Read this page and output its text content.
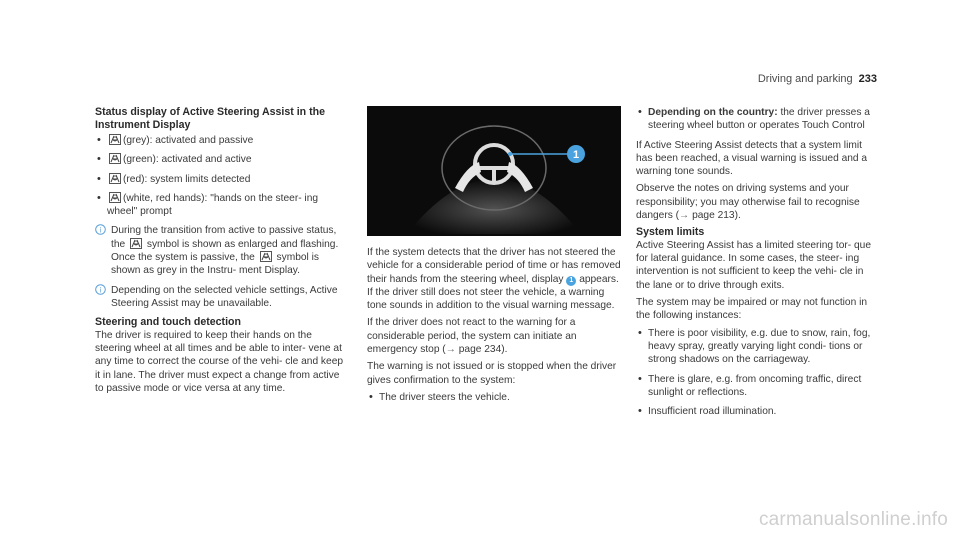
Driving and parking 233
Status display of Active Steering Assist in the
Instrument Display
• (grey): activated and passive
• (green): activated and active
• (red): system limits detected
• (white, red hands): "hands on the steer‑ ing wheel" prompt
i During the transition from active to passive status, the symbol is shown as enlarged and flashing. Once the system is passive, the symbol is shown as grey in the Instru‑ ment Display.
i Depending on the selected vehicle settings, Active Steering Assist may be unavailable.
Steering and touch detection

The driver is required to keep their hands on the steering wheel at all times and be able to inter‑ vene at any time to correct the course of the vehi‑ cle and keep it in lane. The driver must expect a change from active to passive mode or vice versa at any time.

1

If the system detects that the driver has not steered the vehicle for a considerable period of time or has removed their hands from the steering wheel, display 1 appears. If the driver still does not steer the vehicle, a warning tone sounds in addition to the visual warning message.

If the driver does not react to the warning for a considerable period, the system can initiate an emergency stop (→ page 234).

The warning is not issued or is stopped when the driver gives confirmation to the system:

• The driver steers the vehicle.
• Depending on the country: the driver presses a steering wheel button or operates Touch Control

If Active Steering Assist detects that a system limit has been reached, a visual warning is issued and a warning tone sounds.

Observe the notes on driving systems and your responsibility; you may otherwise fail to recognise dangers (→ page 213).

System limits

Active Steering Assist has a limited steering tor‑ que for lateral guidance. In some cases, the steer‑ ing intervention is not sufficient to keep the vehi‑ cle in the lane or to drive through exits.

The system may be impaired or may not function in the following instances:

• There is poor visibility, e.g. due to snow, rain, fog, heavy spray, greatly varying light condi‑ tions or strong shadows on the carriageway.
• There is glare, e.g. from oncoming traffic, direct sunlight or reflections.
• Insufficient road illumination.
carmanualsonline.info
